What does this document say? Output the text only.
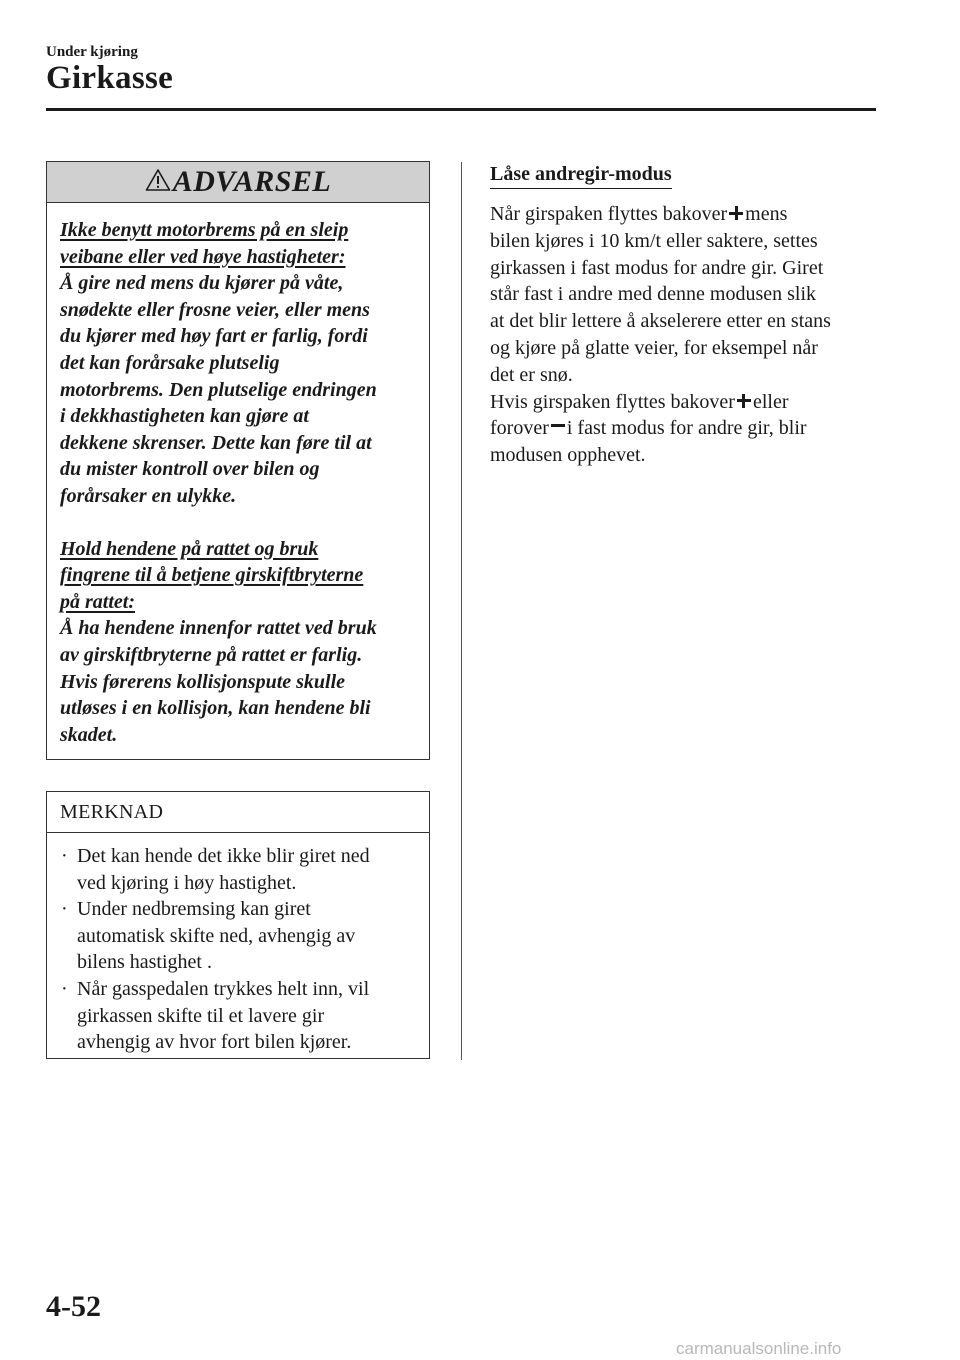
Under kjøring
Girkasse
ADVARSEL

Ikke benytt motorbrems på en sleip
veibane eller ved høye hastigheter:

Å gire ned mens du kjører på våte,
snødekte eller frosne veier, eller mens
du kjører med høy fart er farlig, fordi
det kan forårsake plutselig
motorbrems. Den plutselige endringen
i dekkhastigheten kan gjøre at
dekkene skrenser. Dette kan føre til at
du mister kontroll over bilen og
forårsaker en ulykke.

Hold hendene på rattet og bruk
fingrene til å betjene girskiftbryterne
på rattet:

Å ha hendene innenfor rattet ved bruk
av girskiftbryterne på rattet er farlig.
Hvis førerens kollisjonspute skulle
utløses i en kollisjon, kan hendene bli
skadet.

MERKNAD
· Det kan hende det ikke blir giret ned
ved kjøring i høy hastighet.
· Under nedbremsing kan giret
automatisk skifte ned, avhengig av
bilens hastighet .
· Når gasspedalen trykkes helt inn, vil
girkassen skifte til et lavere gir
avhengig av hvor fort bilen kjører.
Låse andregir-modus

Når girspaken flyttes bakover mens
bilen kjøres i 10 km/t eller saktere, settes
girkassen i fast modus for andre gir. Giret
står fast i andre med denne modusen slik
at det blir lettere å akselerere etter en stans
og kjøre på glatte veier, for eksempel når
det er snø.

Hvis girspaken flyttes bakover eller
forover i fast modus for andre gir, blir
modusen opphevet.

4-52
carmanualsonline.info
